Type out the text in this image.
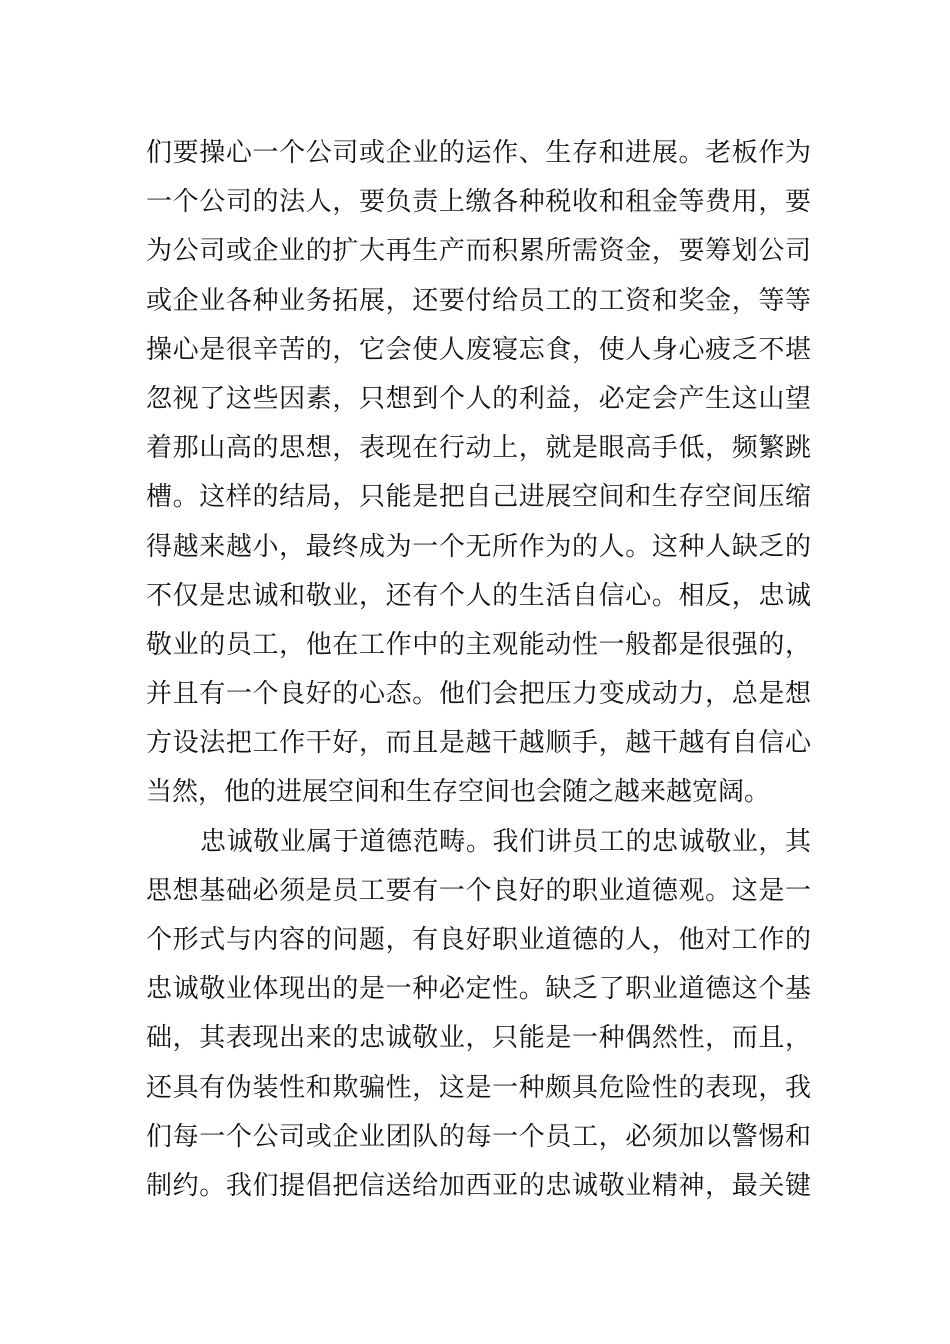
们要操心一个公司或企业的运作、生存和进展。老板作为
一个公司的法人，要负责上缴各种税收和租金等费用，要
为公司或企业的扩大再生产而积累所需资金，要筹划公司
或企业各种业务拓展，还要付给员工的工资和奖金，等等
操心是很辛苦的，它会使人废寝忘食，使人身心疲乏不堪
忽视了这些因素，只想到个人的利益，必定会产生这山望
着那山高的思想，表现在行动上，就是眼高手低，频繁跳
槽。这样的结局，只能是把自己进展空间和生存空间压缩
得越来越小，最终成为一个无所作为的人。这种人缺乏的
不仅是忠诚和敬业，还有个人的生活自信心。相反，忠诚
敬业的员工，他在工作中的主观能动性一般都是很强的，
并且有一个良好的心态。他们会把压力变成动力，总是想
方设法把工作干好，而且是越干越顺手，越干越有自信心
当然，他的进展空间和生存空间也会随之越来越宽阔。
忠诚敬业属于道德范畴。我们讲员工的忠诚敬业，其
思想基础必须是员工要有一个良好的职业道德观。这是一
个形式与内容的问题，有良好职业道德的人，他对工作的
忠诚敬业体现出的是一种必定性。缺乏了职业道德这个基
础，其表现出来的忠诚敬业，只能是一种偶然性，而且，
还具有伪装性和欺骗性，这是一种颇具危险性的表现，我
们每一个公司或企业团队的每一个员工，必须加以警惕和
制约。我们提倡把信送给加西亚的忠诚敬业精神，最关键
